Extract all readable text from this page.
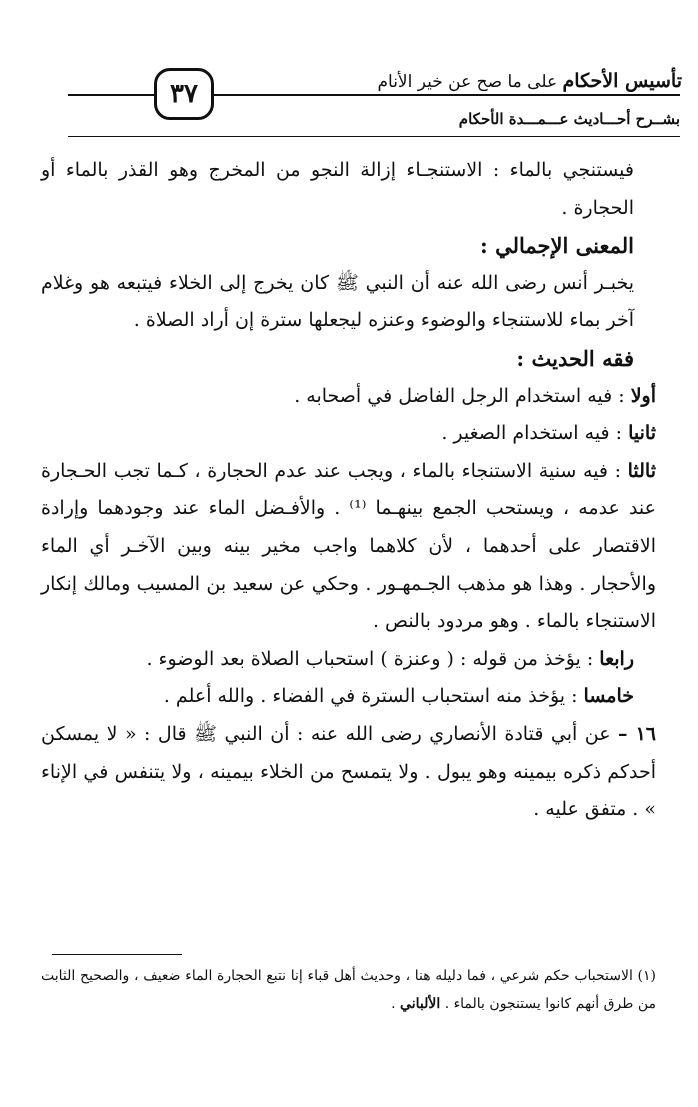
تأسيس الأحكام على ما صح عن خير الأنام
٣٧
بشــرح أحـــاديث عـــمـــدة الأحكام

فيستنجي بالماء : الاستنجـاء إزالة النجو من المخرج وهو القذر بالماء أو الحجارة .

المعنى الإجمالي :

يخبـر أنس رضى الله عنه أن النبي ﷺ كان يخرج إلى الخلاء فيتبعه هو وغلام آخر بماء للاستنجاء والوضوء وعنزه ليجعلها سترة إن أراد الصلاة .

فقه الحديث :

أولا : فيه استخدام الرجل الفاضل في أصحابه .

ثانيا : فيه استخدام الصغير .

ثالثا : فيه سنية الاستنجاء بالماء ، ويجب عند عدم الحجارة ، كـما تجب الحـجارة عند عدمه ، ويستحب الجمع بينهـما ⁽¹⁾ . والأفـضل الماء عند وجودهما وإرادة الاقتصار على أحدهما ، لأن كلاهما واجب مخير بينه وبين الآخـر أي الماء والأحجار . وهذا هو مذهب الجـمهـور . وحكي عن سعيد بن المسيب ومالك إنكار الاستنجاء بالماء . وهو مردود بالنص .

رابعا : يؤخذ من قوله : ( وعنزة ) استحباب الصلاة بعد الوضوء .

خامسا : يؤخذ منه استحباب السترة في الفضاء . والله أعلم .

١٦ – عن أبي قتادة الأنصاري رضى الله عنه : أن النبي ﷺ قال : « لا يمسكن أحدكم ذكره بيمينه وهو يبول . ولا يتمسح من الخلاء بيمينه ، ولا يتنفس في الإناء » . متفق عليه .

(١) الاستحباب حكم شرعي ، فما دليله هنا ، وحديث أهل قباء إنا نتبع الحجارة الماء ضعيف ، والصحيح الثابت من طرق أنهم كانوا يستنجون بالماء . الألباني .
